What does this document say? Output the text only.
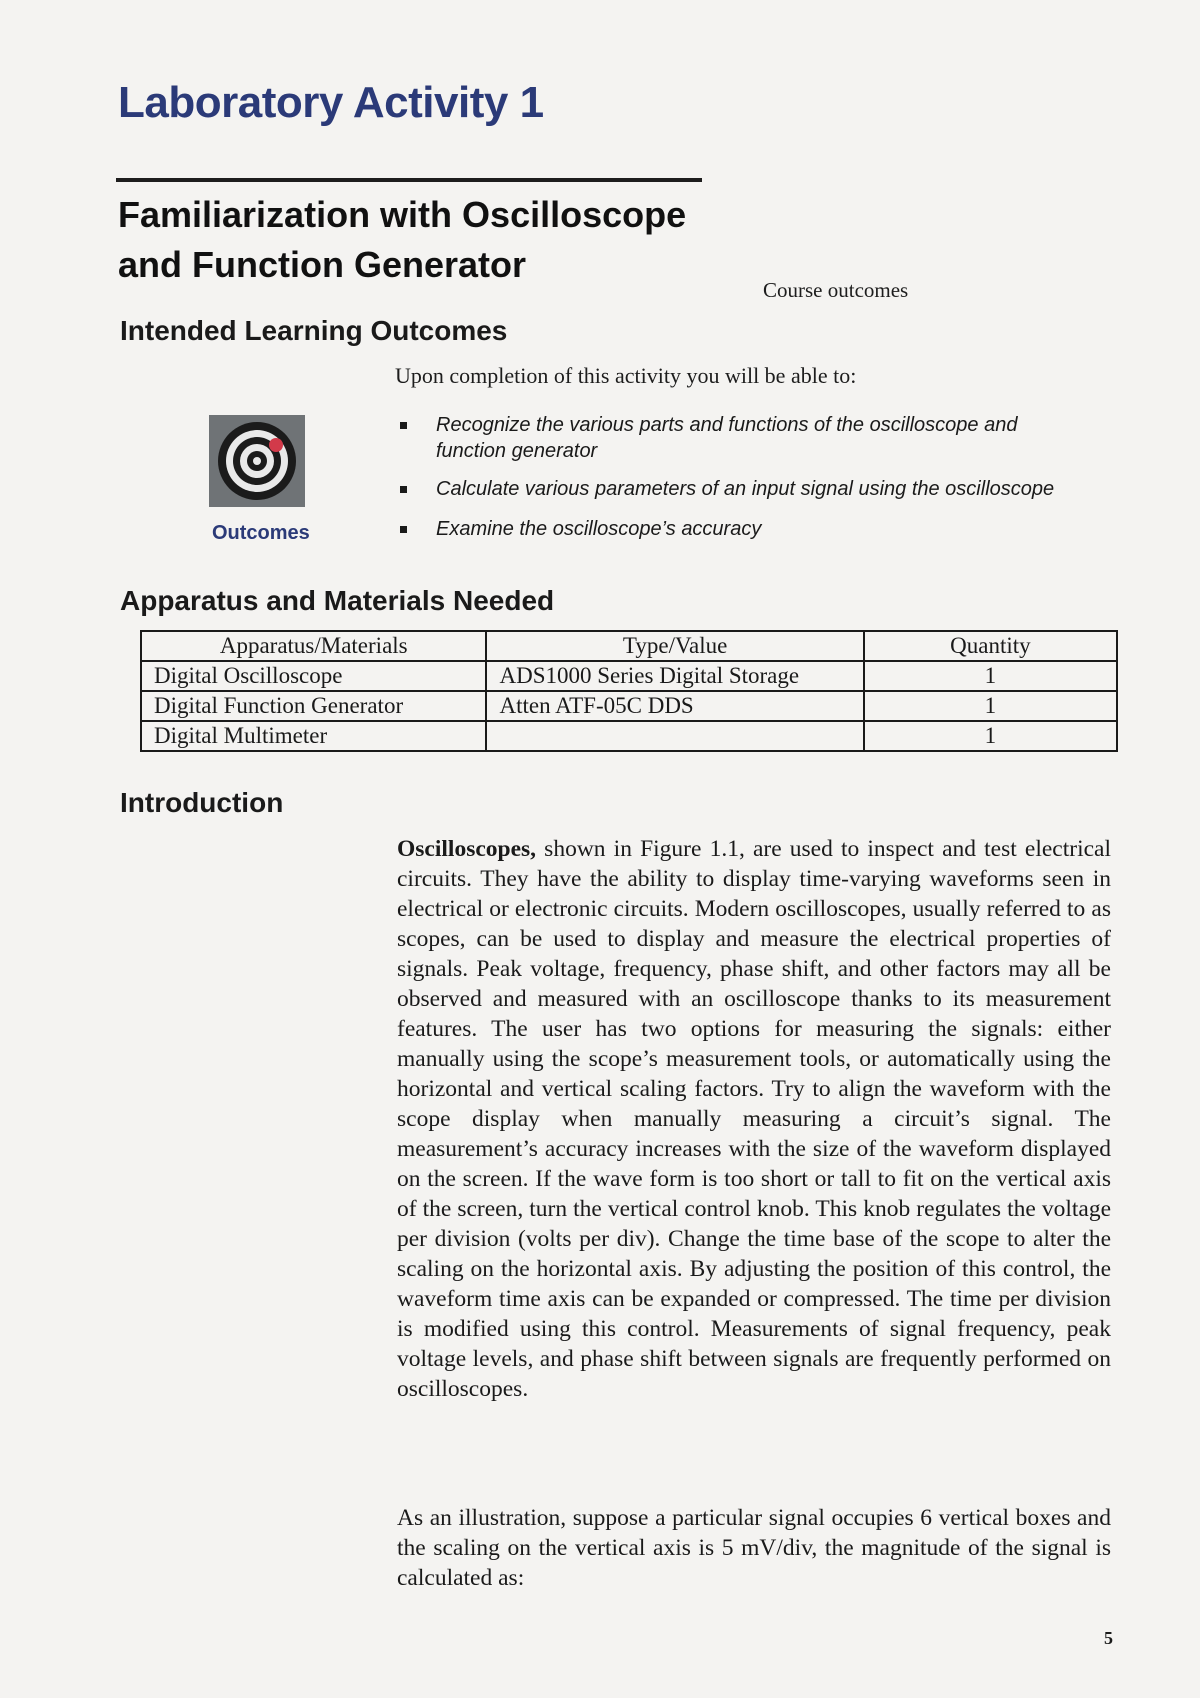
Laboratory Activity 1
Familiarization with Oscilloscope
and Function Generator
Course outcomes
Intended Learning Outcomes
Upon completion of this activity you will be able to:
Outcomes
Recognize the various parts and functions of the oscilloscope and function generator
Calculate various parameters of an input signal using the oscilloscope
Examine the oscilloscope’s accuracy
Apparatus and Materials Needed
Apparatus/Materials	Type/Value	Quantity
Digital Oscilloscope	ADS1000 Series Digital Storage	1
Digital Function Generator	Atten ATF-05C DDS	1
Digital Multimeter		1
Introduction

Oscilloscopes, shown in Figure 1.1, are used to inspect and test electrical circuits. They have the ability to display time-varying waveforms seen in electrical or electronic circuits. Modern oscilloscopes, usually referred to as scopes, can be used to display and measure the electrical properties of signals. Peak voltage, frequency, phase shift, and other factors may all be observed and measured with an oscilloscope thanks to its measurement features. The user has two options for measuring the signals: either manually using the scope’s measurement tools, or automatically using the horizontal and vertical scaling factors. Try to align the waveform with the scope display when manually measuring a circuit’s signal. The measurement’s accuracy increases with the size of the waveform displayed on the screen. If the wave form is too short or tall to fit on the vertical axis of the screen, turn the vertical control knob. This knob regulates the voltage per division (volts per div). Change the time base of the scope to alter the scaling on the horizontal axis. By adjusting the position of this control, the waveform time axis can be expanded or compressed. The time per division is modified using this control. Measurements of signal frequency, peak voltage levels, and phase shift between signals are frequently performed on oscilloscopes.

As an illustration, suppose a particular signal occupies 6 vertical boxes and the scaling on the vertical axis is 5 mV/div, the magnitude of the signal is calculated as:

5
